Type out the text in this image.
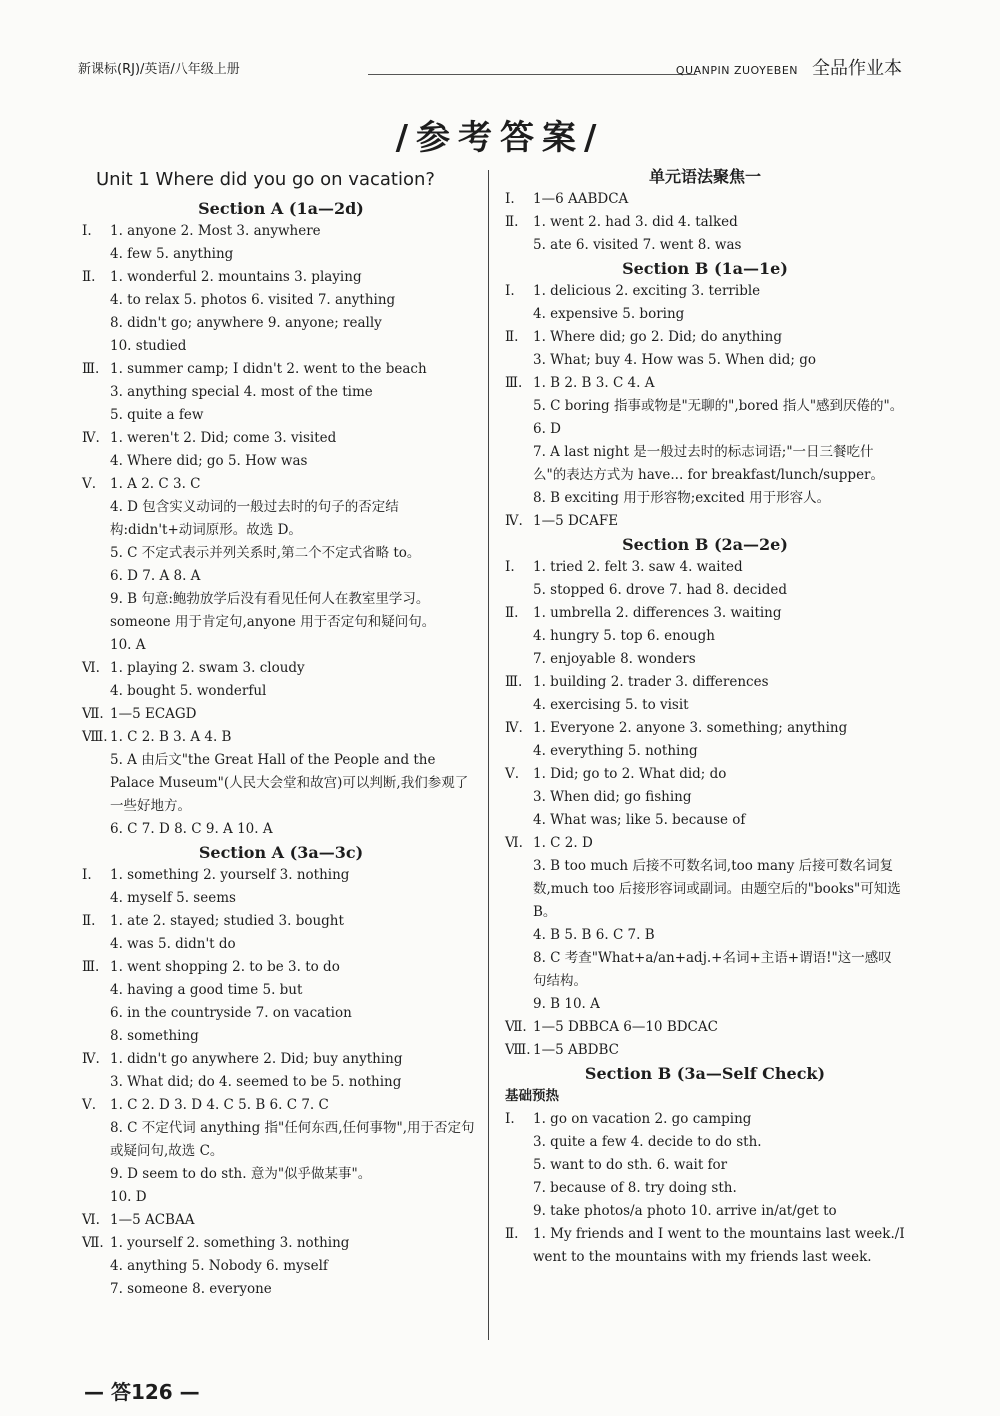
新课标(RJ)/英语/八年级上册	QUANPIN ZUOYEBEN 全品作业本
/参考答案/
Unit 1 Where did you go on vacation?
Section A (1a—2d)
Ⅰ.	1. anyone 2. Most 3. anywhere
4. few 5. anything
Ⅱ.	1. wonderful 2. mountains 3. playing
4. to relax 5. photos 6. visited 7. anything
8. didn't go; anywhere 9. anyone; really
10. studied
Ⅲ. 1. summer camp; I didn't 2. went to the beach
3. anything special 4. most of the time
5. quite a few
Ⅳ. 1. weren't 2. Did; come 3. visited
4. Where did; go 5. How was
Ⅴ.	1. A 2. C 3. C
4. D 包含实义动词的一般过去时的句子的否定结构:didn't+动词原形。故选 D。
5. C 不定式表示并列关系时,第二个不定式省略 to。
6. D 7. A 8. A
9. B 句意:鲍勃放学后没有看见任何人在教室里学习。someone 用于肯定句,anyone 用于否定句和疑问句。
10. A
Ⅵ. 1. playing 2. swam 3. cloudy
4. bought 5. wonderful
Ⅶ. 1—5 ECAGD
Ⅷ. 1. C 2. B 3. A 4. B
5. A 由后文"the Great Hall of the People and the Palace Museum"(人民大会堂和故宫)可以判断,我们参观了一些好地方。
6. C 7. D 8. C 9. A 10. A
Section A (3a—3c)
Ⅰ.	1. something 2. yourself 3. nothing
4. myself 5. seems
Ⅱ.	1. ate 2. stayed; studied 3. bought
4. was 5. didn't do
Ⅲ. 1. went shopping 2. to be 3. to do
4. having a good time 5. but
6. in the countryside 7. on vacation
8. something
Ⅳ. 1. didn't go anywhere 2. Did; buy anything
3. What did; do 4. seemed to be 5. nothing
Ⅴ.	1. C 2. D 3. D 4. C 5. B 6. C 7. C
8. C 不定代词 anything 指"任何东西,任何事物",用于否定句或疑问句,故选 C。
9. D seem to do sth. 意为"似乎做某事"。
10. D
Ⅵ. 1—5 ACBAA
Ⅶ. 1. yourself 2. something 3. nothing
4. anything 5. Nobody 6. myself
7. someone 8. everyone
单元语法聚焦一
Ⅰ.	1—6 AABDCA
Ⅱ.	1. went 2. had 3. did 4. talked
5. ate 6. visited 7. went 8. was
Section B (1a—1e)
Ⅰ.	1. delicious 2. exciting 3. terrible
4. expensive 5. boring
Ⅱ.	1. Where did; go 2. Did; do anything
3. What; buy 4. How was 5. When did; go
Ⅲ. 1. B 2. B 3. C 4. A
5. C boring 指事或物是"无聊的",bored 指人"感到厌倦的"。
6. D
7. A last night 是一般过去时的标志词语;"一日三餐吃什么"的表达方式为 have... for breakfast/lunch/supper。
8. B exciting 用于形容物;excited 用于形容人。
Ⅳ. 1—5 DCAFE
Section B (2a—2e)
Ⅰ.	1. tried 2. felt 3. saw 4. waited
5. stopped 6. drove 7. had 8. decided
Ⅱ.	1. umbrella 2. differences 3. waiting
4. hungry 5. top 6. enough
7. enjoyable 8. wonders
Ⅲ. 1. building 2. trader 3. differences
4. exercising 5. to visit
Ⅳ. 1. Everyone 2. anyone 3. something; anything
4. everything 5. nothing
Ⅴ.	1. Did; go to 2. What did; do
3. When did; go fishing
4. What was; like 5. because of
Ⅵ. 1. C 2. D
3. B too much 后接不可数名词,too many 后接可数名词复数,much too 后接形容词或副词。由题空后的"books"可知选 B。
4. B 5. B 6. C 7. B
8. C 考查"What+a/an+adj.+名词+主语+谓语!"这一感叹句结构。
9. B 10. A
Ⅶ. 1—5 DBBCA 6—10 BDCAC
Ⅷ. 1—5 ABDBC
Section B (3a—Self Check)
基础预热
Ⅰ.	1. go on vacation 2. go camping
3. quite a few 4. decide to do sth.
5. want to do sth. 6. wait for
7. because of 8. try doing sth.
9. take photos/a photo 10. arrive in/at/get to
Ⅱ.	1. My friends and I went to the mountains last week./I went to the mountains with my friends last week.
— 答126 —
